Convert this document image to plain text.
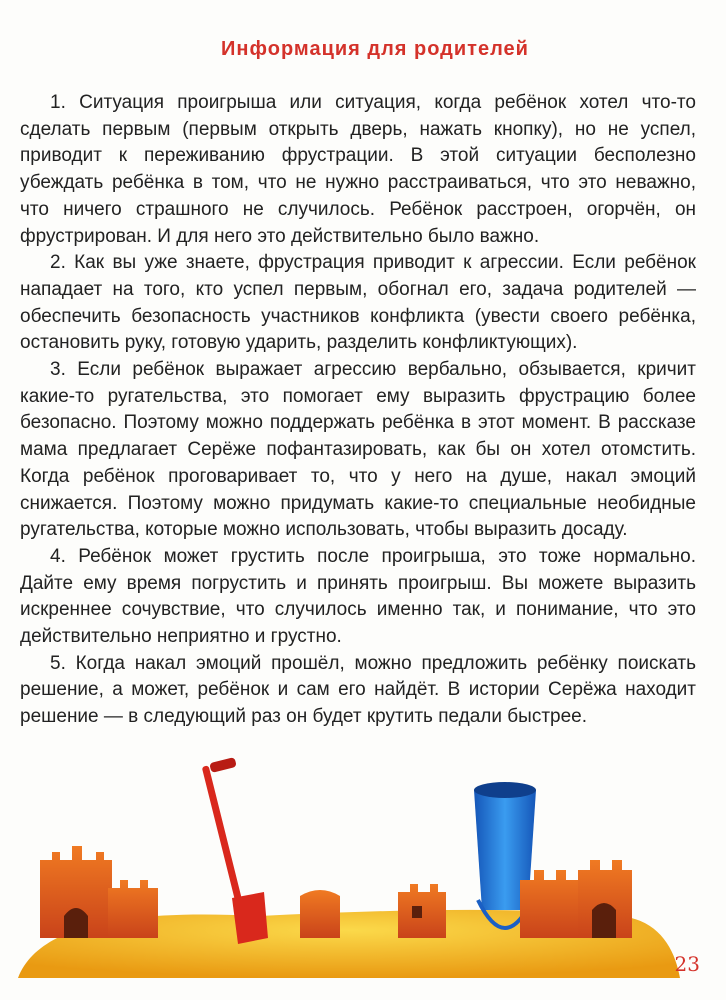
Информация для родителей

1. Ситуация проигрыша или ситуация, когда ребёнок хотел что-то сделать первым (первым открыть дверь, нажать кнопку), но не успел, приводит к переживанию фрустрации. В этой ситуации бесполезно убеждать ребёнка в том, что не нужно расстраиваться, что это неважно, что ничего страшного не случилось. Ребёнок расстроен, огорчён, он фрустрирован. И для него это действительно было важно.

2. Как вы уже знаете, фрустрация приводит к агрессии. Если ребёнок нападает на того, кто успел первым, обогнал его, задача родителей — обеспечить безопасность участников конфликта (увести своего ребёнка, остановить руку, готовую ударить, разделить конфликтующих).

3. Если ребёнок выражает агрессию вербально, обзывается, кричит какие-то ругательства, это помогает ему выразить фрустрацию более безопасно. Поэтому можно поддержать ребёнка в этот момент. В рассказе мама предлагает Серёже пофантазировать, как бы он хотел отомстить. Когда ребёнок проговаривает то, что у него на душе, накал эмоций снижается. Поэтому можно придумать какие-то специальные необидные ругательства, которые можно использовать, чтобы выразить досаду.

4. Ребёнок может грустить после проигрыша, это тоже нормально. Дайте ему время погрустить и принять проигрыш. Вы можете выразить искреннее сочувствие, что случилось именно так, и понимание, что это действительно неприятно и грустно.

5. Когда накал эмоций прошёл, можно предложить ребёнку поискать решение, а может, ребёнок и сам его найдёт. В истории Серёжа находит решение — в следующий раз он будет крутить педали быстрее.

23
